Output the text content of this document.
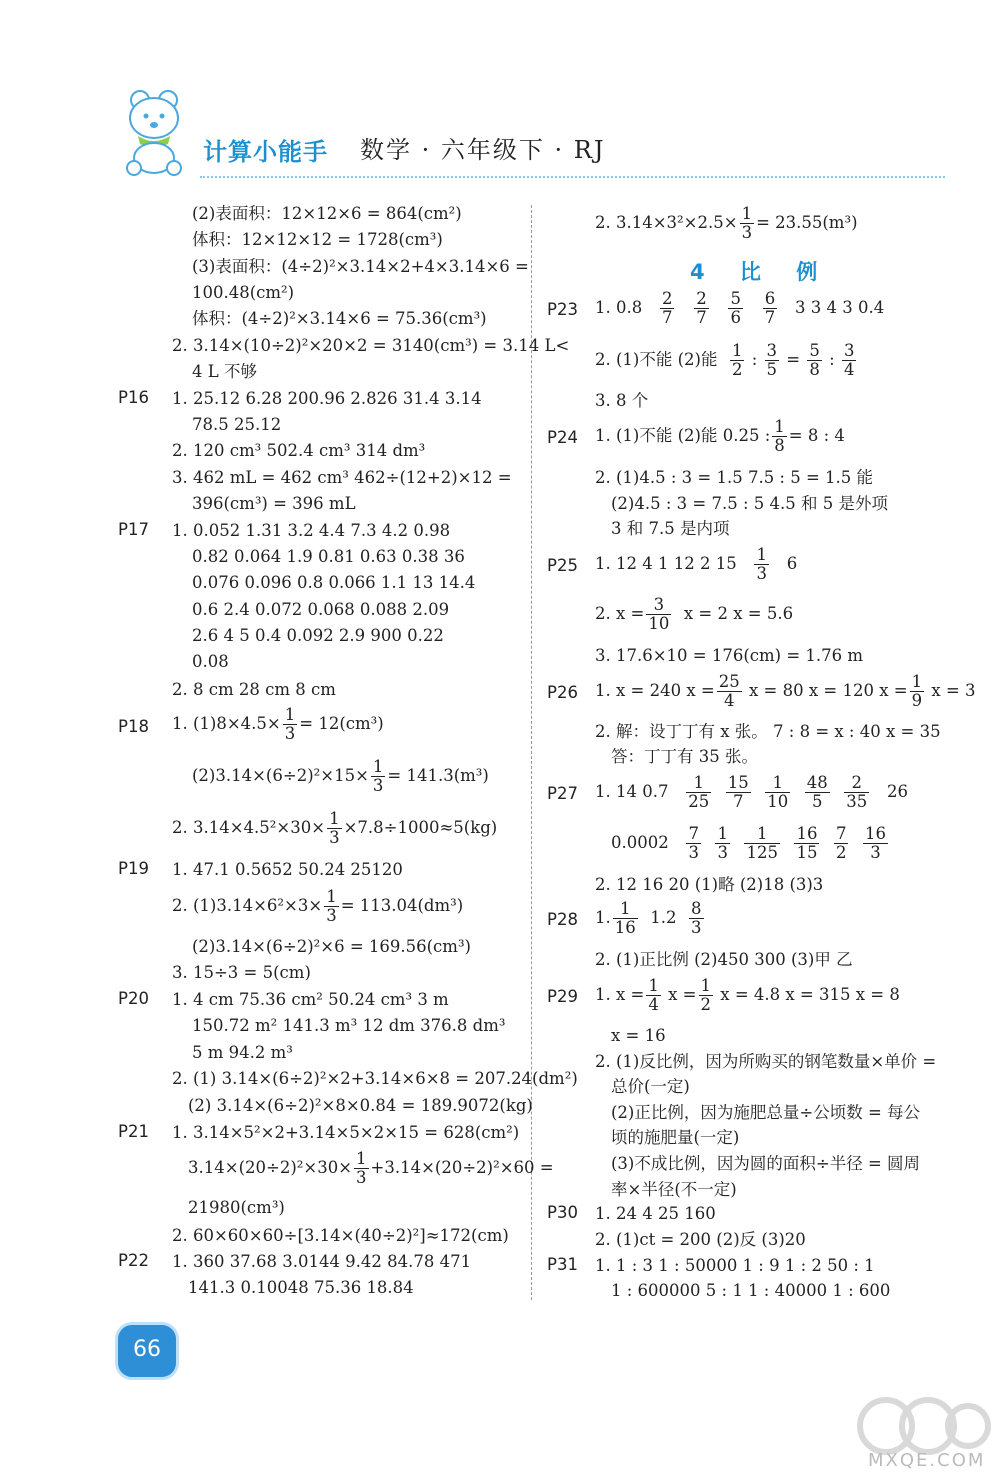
计算小能手 数学 · 六年级下 · RJ
(2)表面积：12×12×6 = 864(cm²)
体积：12×12×12 = 1728(cm³)
(3)表面积：(4÷2)²×3.14×2+4×3.14×6 =
100.48(cm²)
体积：(4÷2)²×3.14×6 = 75.36(cm³)
2. 3.14×(10÷2)²×20×2 = 3140(cm³) = 3.14 L<
4 L 不够
P16 1. 25.12 6.28 200.96 2.826 31.4 3.14
78.5 25.12
2. 120 cm³ 502.4 cm³ 314 dm³
3. 462 mL = 462 cm³ 462÷(12+2)×12 =
396(cm³) = 396 mL
P17 1. 0.052 1.31 3.2 4.4 7.3 4.2 0.98
0.82 0.064 1.9 0.81 0.63 0.38 36
0.076 0.096 0.8 0.066 1.1 13 14.4
0.6 2.4 0.072 0.068 0.088 2.09
2.6 4 5 0.4 0.092 2.9 900 0.22
0.08
2. 8 cm 28 cm 8 cm
P18 1. $(1)8\times 4.5\times \frac{1}{3} = 12(cm^3)$
$(2)3.14\times(6\div 2)^2\times 15\times \frac{1}{3} = 141.3(m^3)$
2. $3.14\times 4.5^2\times 30\times \frac{1}{3} \times 7.8\div 1000\approx 5(kg)$
P19 1. 47.1 0.5652 50.24 25120
2. $(1)3.14\times 6^2\times 3\times \frac{1}{3} = 113.04(dm^3)$
(2)3.14×(6÷2)²×6 = 169.56(cm³)
3. 15÷3 = 5(cm)
P20 1. 4 cm 75.36 cm² 50.24 cm³ 3 m
150.72 m² 141.3 m³ 12 dm 376.8 dm³
5 m 94.2 m³
2. (1) 3.14×(6÷2)²×2+3.14×6×8 = 207.24(dm²)
(2) 3.14×(6÷2)²×8×0.84 = 189.9072(kg)
P21 1. 3.14×5²×2+3.14×5×2×15 = 628(cm²)
$3.14\times(20\div 2)^2\times 30\times \frac{1}{3} +3.14\times(20\div 2)^2\times 60$ =
21980(cm³)
2. 60×60×60÷[3.14×(40÷2)²]≈172(cm)
P22 1. 360 37.68 3.0144 9.42 84.78 471
141.3 0.10048 75.36 18.84
2. $3.14\times 3^2\times 2.5\times \frac{1}{3} = 23.55(m^3)$
4 比 例
P23 1. $0.8 \frac{2}{7}$
$\frac{2}{7}$
$\frac{5}{6}$
$\frac{6}{7} 3$ 3 4 3 0.4
2. (1)不能 (2)能 $\frac{1}{2}$ : $\frac{3}{5} = \frac{5}{8}$ : $\frac{3}{4}$
3. 8 个
P24 1. (1)不能 (2)能 0.25 : $\frac{1}{8} = 8$ : 4
2. (1)4.5 : 3 = 1.5 7.5 : 5 = 1.5 能
(2)4.5 : 3 = 7.5 : 5 4.5 和 5 是外项
3 和 7.5 是内项
P25 1. 12 4 1 12 2 $15 \frac{1}{3} 6$
2. $x = \frac{3}{10}$ x = 2 x = 5.6
3. 17.6×10 = 176(cm) = 1.76 m
P26 1. x = 240 $x = \frac{25}{4}$ x = 80 x = 120 $x = \frac{1}{9}$ x = 3
2. 解：设丁丁有 x 张。 7 : 8 = x : 40 x = 35
答：丁丁有 35 张。
P27 1. 14 $0.7 \frac{1}{25}$
$\frac{15}{7}$
$\frac{1}{10}$
$\frac{48}{5}$
$\frac{2}{35} 26$
$0.0002 \frac{7}{3}$
$\frac{1}{3}$
$\frac{1}{125}$
$\frac{16}{15}$
$\frac{7}{2}$
$\frac{16}{3}$
2. 12 16 20 (1)略 (2)18 (3)3
P28 1. $\frac{1}{16} 1.2 \frac{8}{3}$
2. (1)正比例 (2)450 300 (3)甲 乙
P29 1. $x = \frac{1}{4}$ $x = \frac{1}{2}$ x = 4.8 x = 315 x = 8
x = 16
2. (1)反比例，因为所购买的钢笔数量×单价 =
总价(一定)
(2)正比例，因为施肥总量÷公顷数 = 每公
顷的施肥量(一定)
(3)不成比例，因为圆的面积÷半径 = 圆周
率×半径(不一定)
P30 1. 24 4 25 160
2. (1)ct = 200 (2)反 (3)20
P31 1. 1 : 3 1 : 50000 1 : 9 1 : 2 50 : 1
1 : 600000 5 : 1 1 : 40000 1 : 600
66
MXQE.COM
